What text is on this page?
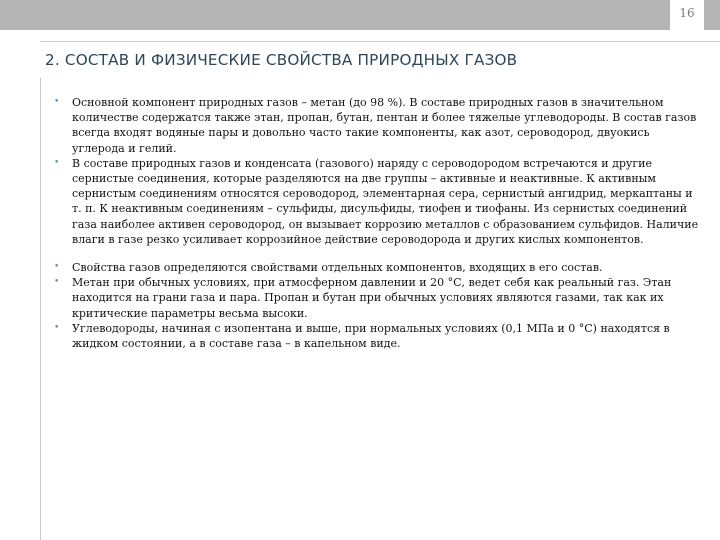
16
2. СОСТАВ И ФИЗИЧЕСКИЕ СВОЙСТВА ПРИРОДНЫХ ГАЗОВ
•	Основной компонент природных газов – метан (до 98 %). В составе природных газов в значительном количестве содержатся также этан, пропан, бутан, пентан и более тяжелые углеводороды. В состав газов всегда входят водяные пары и довольно часто такие компоненты, как азот, сероводород, двуокись углерода и гелий.
•	В составе природных газов и конденсата (газового) наряду с сероводородом встречаются и другие сернистые соединения, которые разделяются на две группы – активные и неактивные. К активным сернистым соединениям относятся сероводород, элементарная сера, сернистый ангидрид, меркаптаны и т. п. К неактивным соединениям – сульфиды, дисульфиды, тиофен и тиофаны. Из сернистых соединений газа наиболее активен сероводород, он вызывает коррозию металлов с образованием сульфидов. Наличие влаги в газе резко усиливает коррозийное действие сероводорода и других кислых компонентов.
•	Свойства газов определяются свойствами отдельных компонентов, входящих в его состав.
•	Метан при обычных условиях, при атмосферном давлении и 20 °С, ведет себя как реальный газ. Этан находится на грани газа и пара. Пропан и бутан при обычных условиях являются газами, так как их критические параметры весьма высоки.
•	Углеводороды, начиная с изопентана и выше, при нормальных условиях (0,1 МПа и 0 °С) находятся в жидком состоянии, а в составе газа – в капельном виде.
